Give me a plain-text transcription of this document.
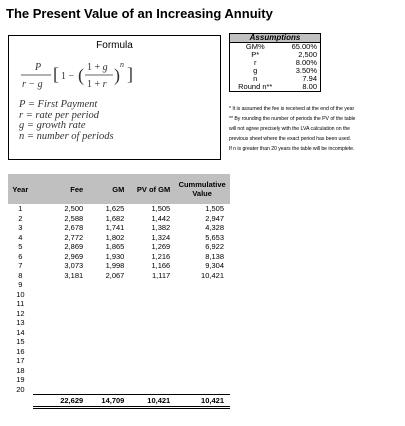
The Present Value of an Increasing Annuity
Formula
P
r − g
[ 1 − ( 1 + g
1 + r )
n ]
P = First Payment
r = rate per period
g = growth rate
n = number of periods
Assumptions	
GM%	65.00%
P*	2,500
r	8.00%
g	3.50%
n	7.94
Round n**	8.00
* It is assumed the fee is received at the end of the year
** By rounding the number of periods the PV of the table
will not agree precisely with the LVA calculation on the
previous sheet where the exact period has been used.
If n is greater than 20 years the table will be incomplete.
Year	Fee	GM	PV of GM	Cummulative Value
1	2,500	1,625	1,505	1,505
2	2,588	1,682	1,442	2,947
3	2,678	1,741	1,382	4,328
4	2,772	1,802	1,324	5,653
5	2,869	1,865	1,269	6,922
6	2,969	1,930	1,216	8,138
7	3,073	1,998	1,166	9,304
8	3,181	2,067	1,117	10,421
9				
10				
11				
12				
13				
14				
15				
16				
17				
18				
19				
20				
	22,629	14,709	10,421	10,421
